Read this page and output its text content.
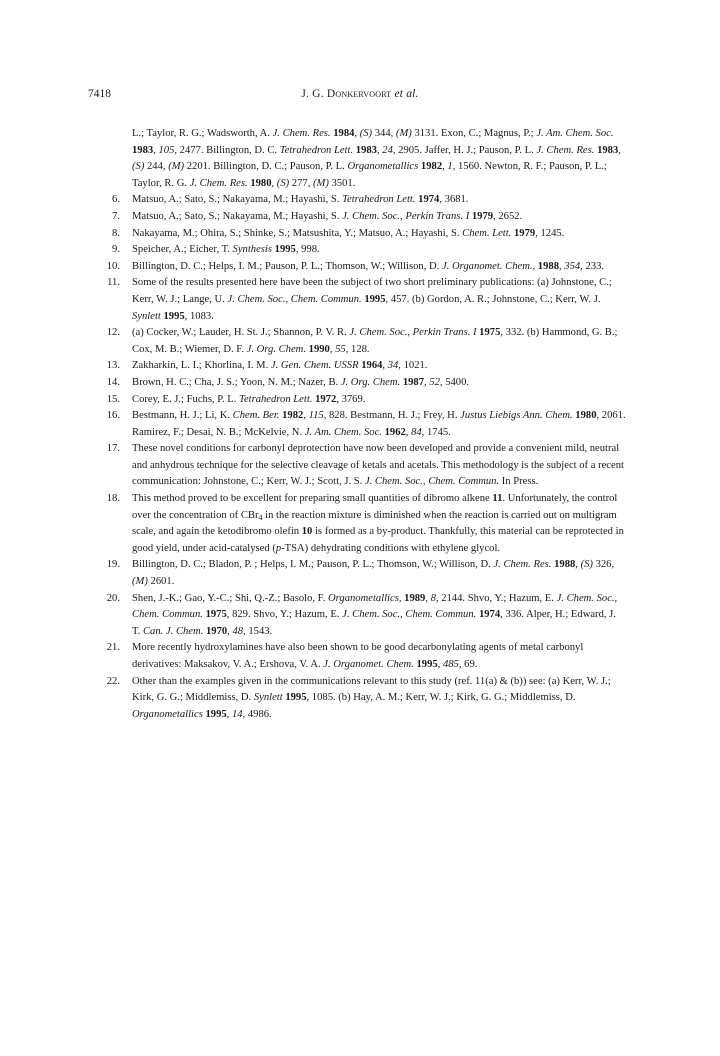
7418	J. G. Donkervoort et al.
L.; Taylor, R. G.; Wadsworth, A. J. Chem. Res. 1984, (S) 344, (M) 3131. Exon, C.; Magnus, P.; J. Am. Chem. Soc. 1983, 105, 2477. Billington, D. C. Tetrahedron Lett. 1983, 24, 2905. Jaffer, H. J.; Pauson, P. L. J. Chem. Res. 1983, (S) 244, (M) 2201. Billington, D. C.; Pauson, P. L. Organometallics 1982, 1, 1560. Newton, R. F.; Pauson, P. L.; Taylor, R. G. J. Chem. Res. 1980, (S) 277, (M) 3501.
6. Matsuo, A.; Sato, S.; Nakayama, M.; Hayashi, S. Tetrahedron Lett. 1974, 3681.
7. Matsuo, A.; Sato, S.; Nakayama, M.; Hayashi, S. J. Chem. Soc., Perkin Trans. I 1979, 2652.
8. Nakayama, M.; Ohira, S.; Shinke, S.; Matsushita, Y.; Matsuo, A.; Hayashi, S. Chem. Lett. 1979, 1245.
9. Speicher, A.; Eicher, T. Synthesis 1995, 998.
10. Billington, D. C.; Helps, I. M.; Pauson, P. L.; Thomson, W.; Willison, D. J. Organomet. Chem., 1988, 354, 233.
11. Some of the results presented here have been the subject of two short preliminary publications: (a) Johnstone, C.; Kerr, W. J.; Lange, U. J. Chem. Soc., Chem. Commun. 1995, 457. (b) Gordon, A. R.; Johnstone, C.; Kerr, W. J. Synlett 1995, 1083.
12. (a) Cocker, W.; Lauder, H. St. J.; Shannon, P. V. R. J. Chem. Soc., Perkin Trans. I 1975, 332. (b) Hammond, G. B.; Cox, M. B.; Wiemer, D. F. J. Org. Chem. 1990, 55, 128.
13. Zakharkin, L. I.; Khorlina, I. M. J. Gen. Chem. USSR 1964, 34, 1021.
14. Brown, H. C.; Cha, J. S.; Yoon, N. M.; Nazer, B. J. Org. Chem. 1987, 52, 5400.
15. Corey, E. J.; Fuchs, P. L. Tetrahedron Lett. 1972, 3769.
16. Bestmann, H. J.; Li, K. Chem. Ber. 1982, 115, 828. Bestmann, H. J.; Frey, H. Justus Liebigs Ann. Chem. 1980, 2061. Ramirez, F.; Desai, N. B.; McKelvie, N. J. Am. Chem. Soc. 1962, 84, 1745.
17. These novel conditions for carbonyl deprotection have now been developed and provide a convenient mild, neutral and anhydrous technique for the selective cleavage of ketals and acetals. This methodology is the subject of a recent communication: Johnstone, C.; Kerr, W. J.; Scott, J. S. J. Chem. Soc., Chem. Commun. In Press.
18. This method proved to be excellent for preparing small quantities of dibromo alkene 11. Unfortunately, the control over the concentration of CBr$_4$ in the reaction mixture is diminished when the reaction is carried out on multigram scale, and again the ketodibromo olefin 10 is formed as a by-product. Thankfully, this material can be reprotected in good yield, under acid-catalysed (p-TSA) dehydrating conditions with ethylene glycol.
19. Billington, D. C.; Bladon, P. ; Helps, I. M.; Pauson, P. L.; Thomson, W.; Willison, D. J. Chem. Res. 1988, (S) 326, (M) 2601.
20. Shen, J.-K.; Gao, Y.-C.; Shi, Q.-Z.; Basolo, F. Organometallics, 1989, 8, 2144. Shvo, Y.; Hazum, E. J. Chem. Soc., Chem. Commun. 1975, 829. Shvo, Y.; Hazum, E. J. Chem. Soc., Chem. Commun. 1974, 336. Alper, H.; Edward, J. T. Can. J. Chem. 1970, 48, 1543.
21. More recently hydroxylamines have also been shown to be good decarbonylating agents of metal carbonyl derivatives: Maksakov, V. A.; Ershova, V. A. J. Organomet. Chem. 1995, 485, 69.
22. Other than the examples given in the communications relevant to this study (ref. 11(a) & (b)) see: (a) Kerr, W. J.; Kirk, G. G.; Middlemiss, D. Synlett 1995, 1085. (b) Hay, A. M.; Kerr, W. J.; Kirk, G. G.; Middlemiss, D. Organometallics 1995, 14, 4986.
